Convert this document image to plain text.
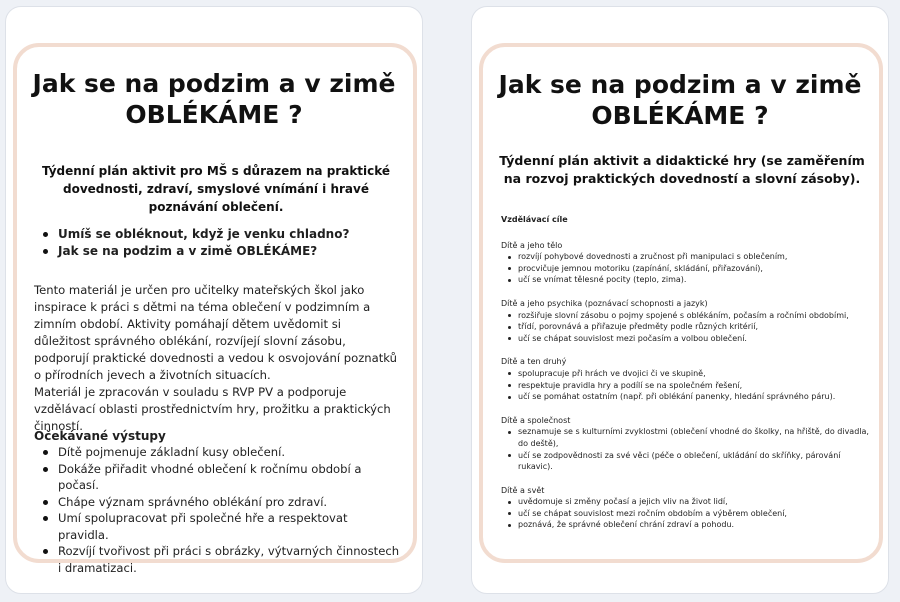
Jak se na podzim a v zimě
OBLÉKÁME ?

Týdenní plán aktivit pro MŠ s důrazem na praktické dovednosti, zdraví, smyslové vnímání i hravé poznávání oblečení.

Umíš se obléknout, když je venku chladno?
Jak se na podzim a v zimě OBLÉKÁME?

Tento materiál je určen pro učitelky mateřských škol jako inspirace k práci s dětmi na téma oblečení v podzimním a zimním období. Aktivity pomáhají dětem uvědomit si důležitost správného oblékání, rozvíjejí slovní zásobu, podporují praktické dovednosti a vedou k osvojování poznatků o přírodních jevech a životních situacích.

Materiál je zpracován v souladu s RVP PV a podporuje vzdělávací oblasti prostřednictvím hry, prožitku a praktických činností.

Očekávané výstupy
Dítě pojmenuje základní kusy oblečení.
Dokáže přiřadit vhodné oblečení k ročnímu období a počasí.
Chápe význam správného oblékání pro zdraví.
Umí spolupracovat při společné hře a respektovat pravidla.
Rozvíjí tvořivost při práci s obrázky, výtvarných činnostech i dramatizaci.
Jak se na podzim a v zimě
OBLÉKÁME ?

Týdenní plán aktivit a didaktické hry (se zaměřením na rozvoj praktických dovedností a slovní zásoby).

Vzdělávací cíle
Dítě a jeho tělo
rozvíjí pohybové dovednosti a zručnost při manipulaci s oblečením,
procvičuje jemnou motoriku (zapínání, skládání, přiřazování),
učí se vnímat tělesné pocity (teplo, zima).
Dítě a jeho psychika (poznávací schopnosti a jazyk)
rozšiřuje slovní zásobu o pojmy spojené s oblékáním, počasím a ročními obdobími,
třídí, porovnává a přiřazuje předměty podle různých kritérií,
učí se chápat souvislost mezi počasím a volbou oblečení.
Dítě a ten druhý
spolupracuje při hrách ve dvojici či ve skupině,
respektuje pravidla hry a podílí se na společném řešení,
učí se pomáhat ostatním (např. při oblékání panenky, hledání správného páru).
Dítě a společnost
seznamuje se s kulturními zvyklostmi (oblečení vhodné do školky, na hřiště, do divadla, do deště),
učí se zodpovědnosti za své věci (péče o oblečení, ukládání do skříňky, párování rukavic).
Dítě a svět
uvědomuje si změny počasí a jejich vliv na život lidí,
učí se chápat souvislost mezi ročním obdobím a výběrem oblečení,
poznává, že správné oblečení chrání zdraví a pohodu.
